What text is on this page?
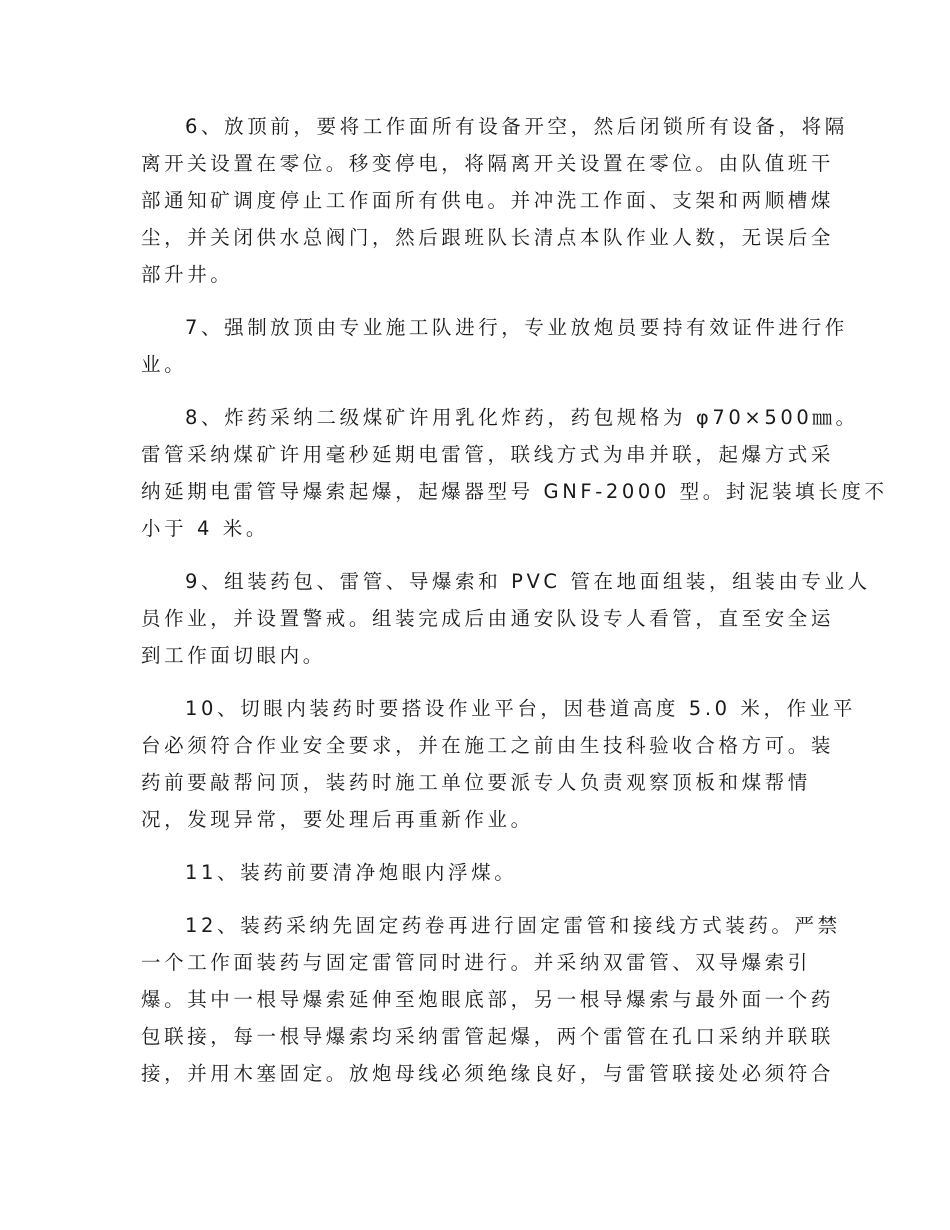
6、放顶前，要将工作面所有设备开空，然后闭锁所有设备，将隔
离开关设置在零位。移变停电，将隔离开关设置在零位。由队值班干
部通知矿调度停止工作面所有供电。并冲洗工作面、支架和两顺槽煤
尘，并关闭供水总阀门，然后跟班队长清点本队作业人数，无误后全
部升井。
7、强制放顶由专业施工队进行，专业放炮员要持有效证件进行作
业。
8、炸药采纳二级煤矿许用乳化炸药，药包规格为 φ70×500㎜。
雷管采纳煤矿许用毫秒延期电雷管，联线方式为串并联，起爆方式采
纳延期电雷管导爆索起爆，起爆器型号 GNF-2000 型。封泥装填长度不
小于 4 米。
9、组装药包、雷管、导爆索和 PVC 管在地面组装，组装由专业人
员作业，并设置警戒。组装完成后由通安队设专人看管，直至安全运
到工作面切眼内。
10、切眼内装药时要搭设作业平台，因巷道高度 5.0 米，作业平
台必须符合作业安全要求，并在施工之前由生技科验收合格方可。装
药前要敲帮问顶，装药时施工单位要派专人负责观察顶板和煤帮情
况，发现异常，要处理后再重新作业。
11、装药前要清净炮眼内浮煤。
12、装药采纳先固定药卷再进行固定雷管和接线方式装药。严禁
一个工作面装药与固定雷管同时进行。并采纳双雷管、双导爆索引
爆。其中一根导爆索延伸至炮眼底部，另一根导爆索与最外面一个药
包联接，每一根导爆索均采纳雷管起爆，两个雷管在孔口采纳并联联
接，并用木塞固定。放炮母线必须绝缘良好，与雷管联接处必须符合
